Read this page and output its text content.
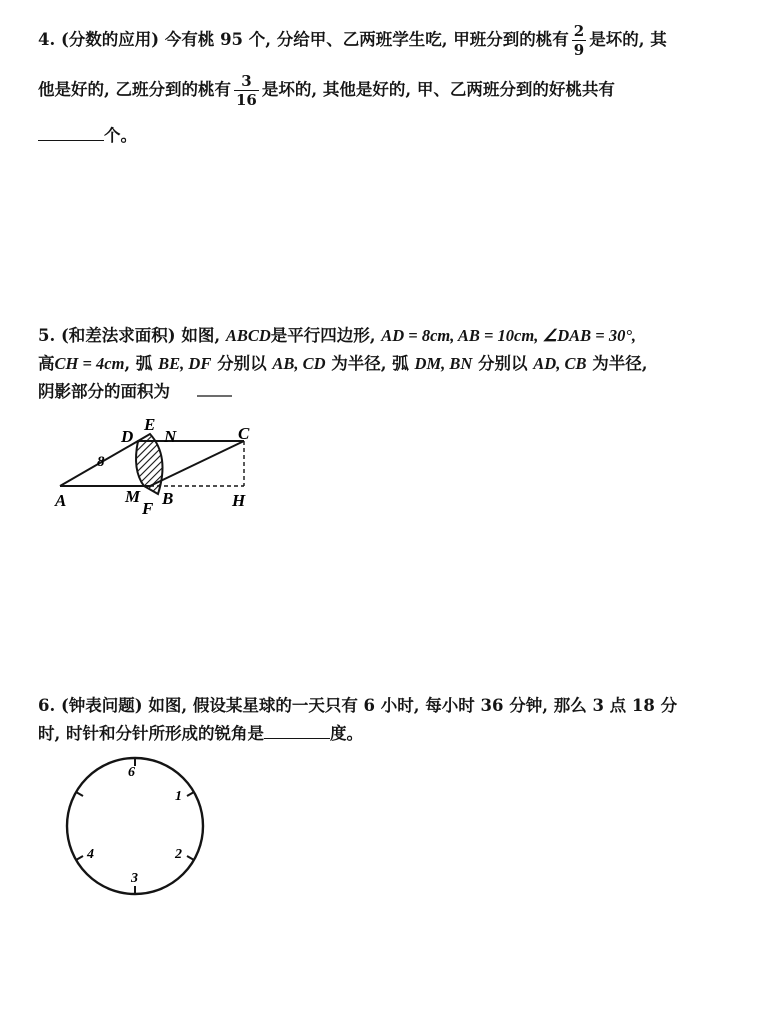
4. (分数的应用) 今有桃 95 个, 分给甲、乙两班学生吃, 甲班分到的桃有 $\frac{2}{9}$ 是坏的, 其
他是好的, 乙班分到的桃有 $\frac{3}{16}$ 是坏的, 其他是好的, 甲、乙两班分到的好桃共有
个。
5. (和差法求面积) 如图, ABCD是平行四边形, AD = 8cm, AB = 10cm, ∠DAB = 30°,
高CH = 4cm, 弧 BE, DF 分别以 AB, CD 为半径, 弧 DM, BN 分别以 AD, CB 为半径,
阴影部分的面积为
E
D N	C
8
A	M B
F	H
6. (钟表问题) 如图, 假设某星球的一天只有 6 小时, 每小时 36 分钟, 那么 3 点 18 分
时, 时针和分针所形成的锐角是	度。
6
1
2
3
4
